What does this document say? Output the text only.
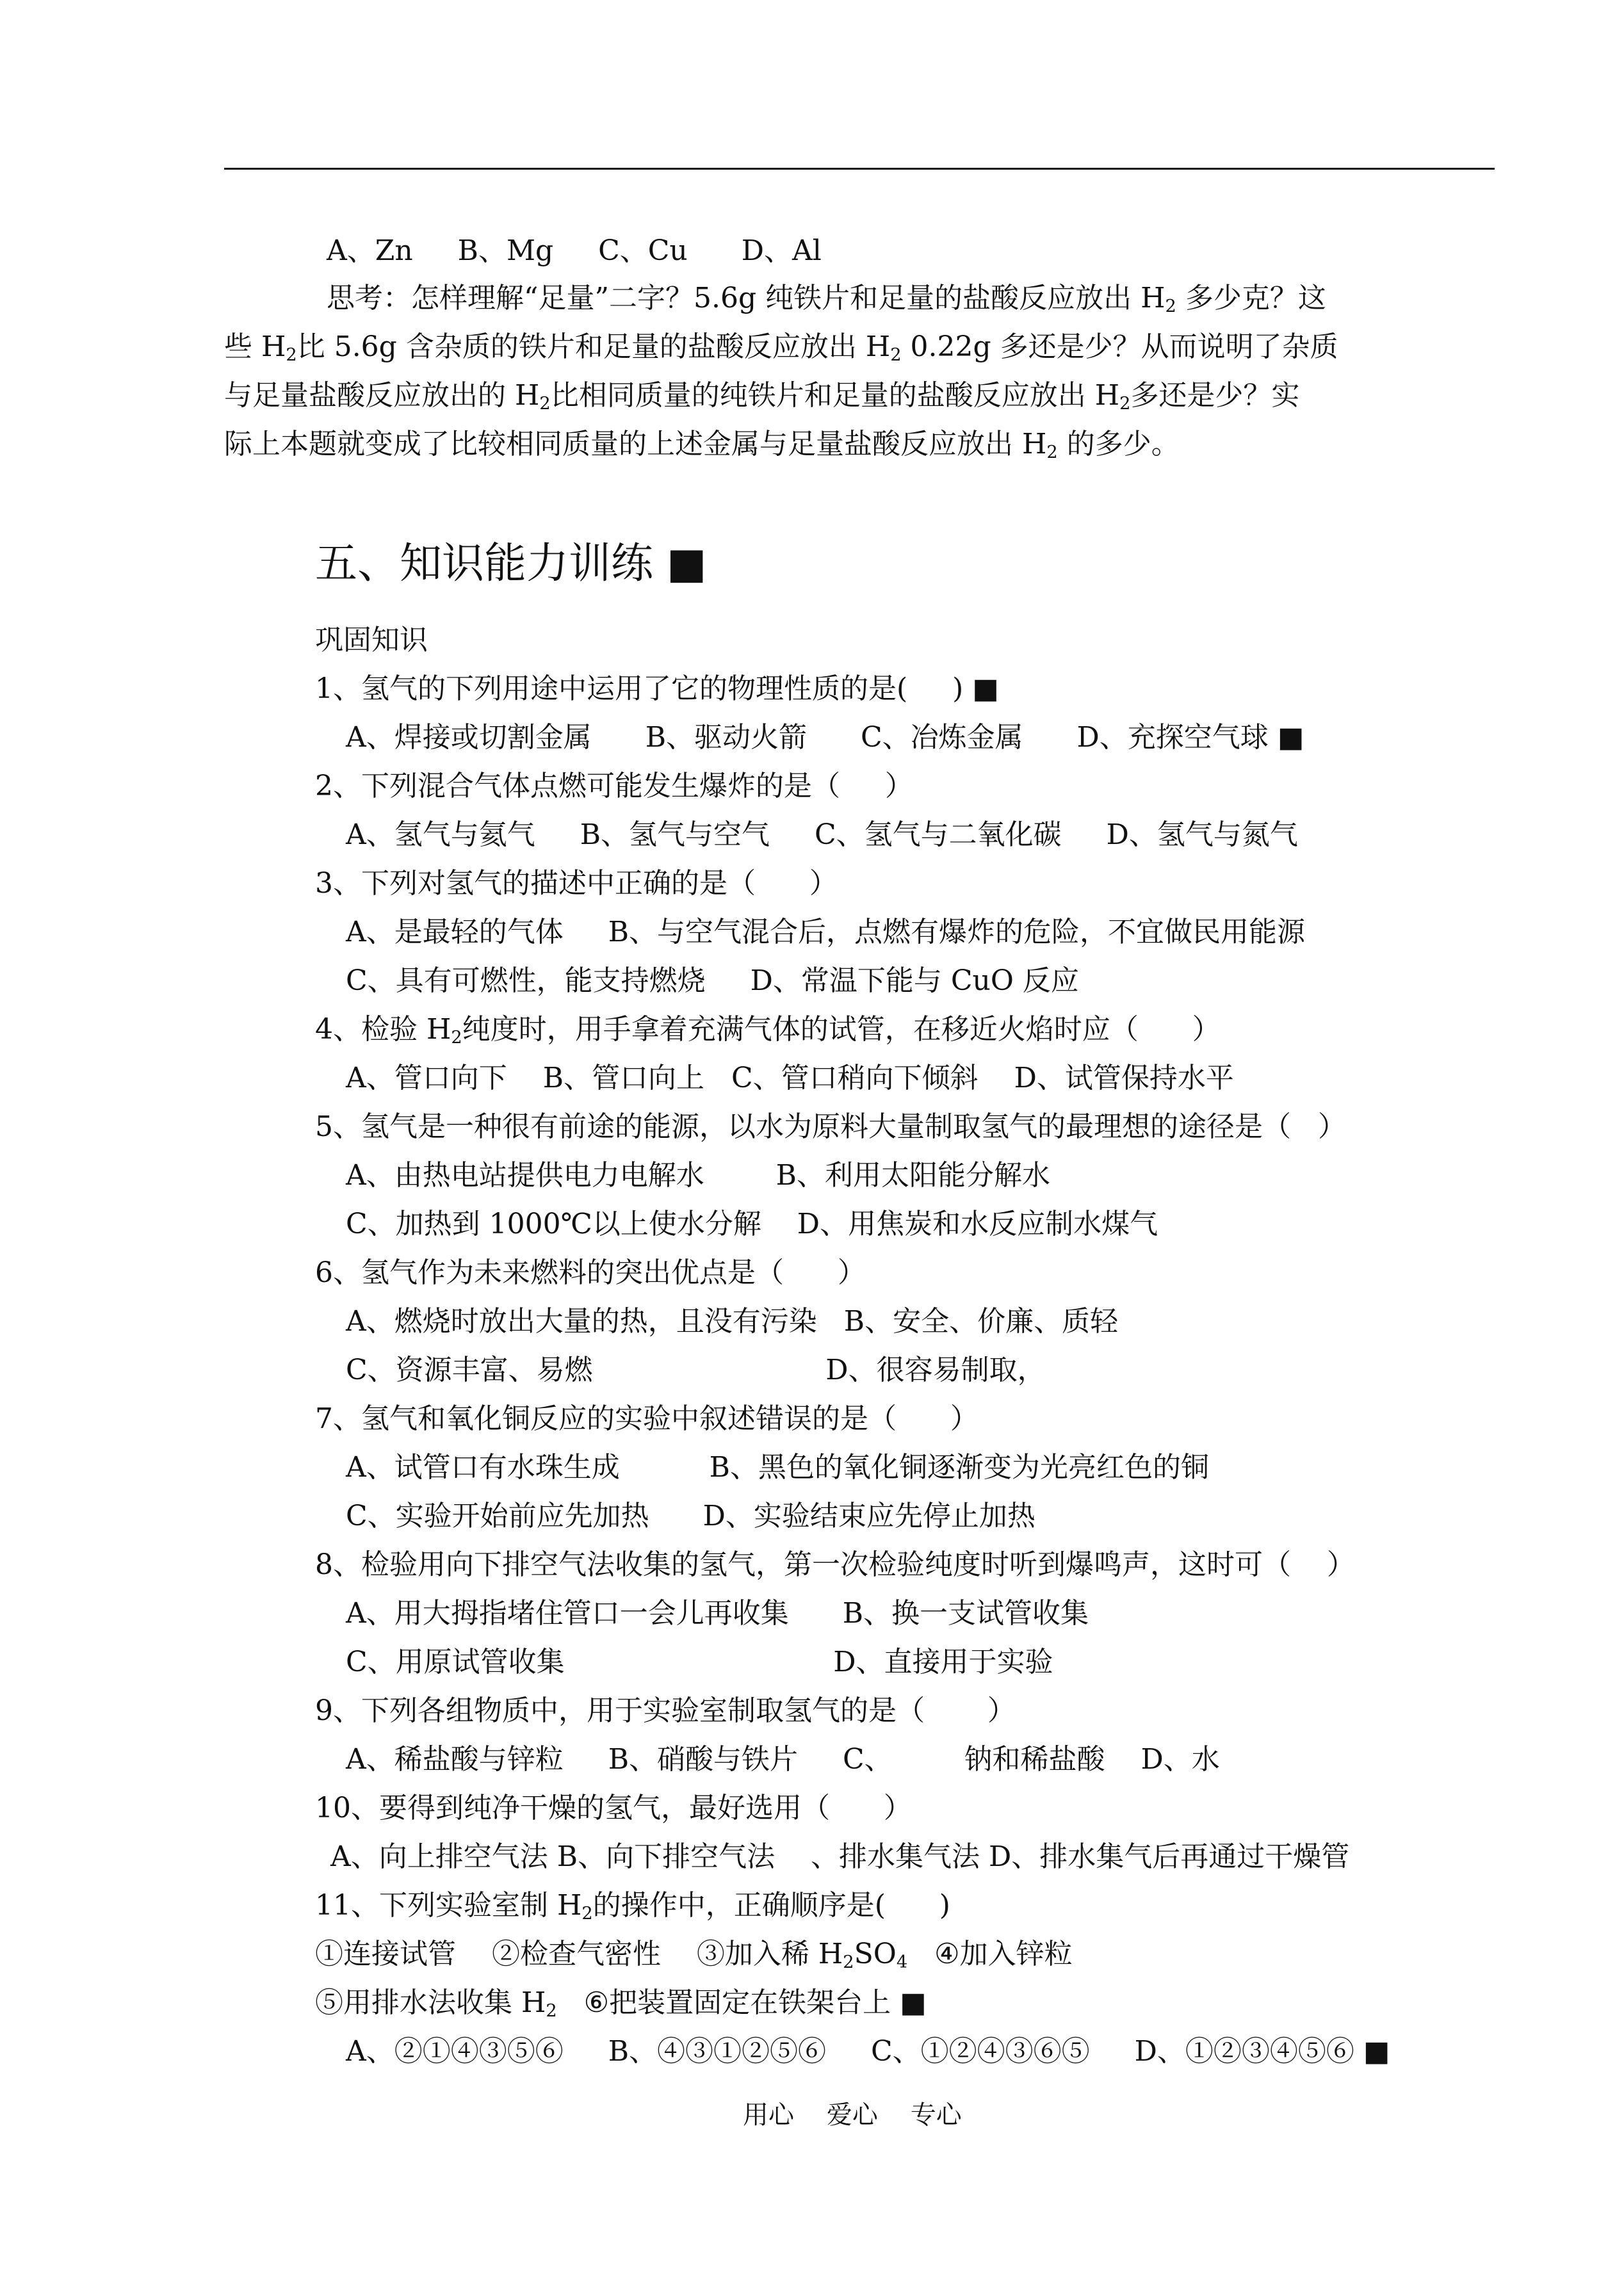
A、Zn     B、Mg     C、Cu      D、Al
思考：怎样理解“足量”二字？5.6g 纯铁片和足量的盐酸反应放出 $H_2$ 多少克？这
些 $H_2$比 5.6g 含杂质的铁片和足量的盐酸反应放出 $H_2$ 0.22g 多还是少？从而说明了杂质
与足量盐酸反应放出的 $H_2$比相同质量的纯铁片和足量的盐酸反应放出 $H_2$多还是少？实
际上本题就变成了比较相同质量的上述金属与足量盐酸反应放出 $H_2$ 的多少。
五、知识能力训练 ■
巩固知识
1、氢气的下列用途中运用了它的物理性质的是(     ) ■
A、焊接或切割金属      B、驱动火箭      C、冶炼金属      D、充探空气球 ■
2、下列混合气体点燃可能发生爆炸的是（     ）
A、氢气与氦气     B、氢气与空气     C、氢气与二氧化碳     D、氢气与氮气
3、下列对氢气的描述中正确的是（      ）
A、是最轻的气体     B、与空气混合后，点燃有爆炸的危险，不宜做民用能源
C、具有可燃性，能支持燃烧     D、常温下能与 CuO 反应
4、检验 $H_2$纯度时，用手拿着充满气体的试管，在移近火焰时应（      ）
A、管口向下    B、管口向上   C、管口稍向下倾斜    D、试管保持水平
5、氢气是一种很有前途的能源，以水为原料大量制取氢气的最理想的途径是（   ）
A、由热电站提供电力电解水        B、利用太阳能分解水
C、加热到 1000℃以上使水分解    D、用焦炭和水反应制水煤气
6、氢气作为未来燃料的突出优点是（      ）
A、燃烧时放出大量的热，且没有污染   B、安全、价廉、质轻
C、资源丰富、易燃                          D、很容易制取，
7、氢气和氧化铜反应的实验中叙述错误的是（      ）
A、试管口有水珠生成          B、黑色的氧化铜逐渐变为光亮红色的铜
C、实验开始前应先加热      D、实验结束应先停止加热
8、检验用向下排空气法收集的氢气，第一次检验纯度时听到爆鸣声，这时可（    ）
A、用大拇指堵住管口一会儿再收集      B、换一支试管收集
C、用原试管收集                              D、直接用于实验
9、下列各组物质中，用于实验室制取氢气的是（       ）
A、稀盐酸与锌粒     B、硝酸与铁片     C、        钠和稀盐酸    D、水
10、要得到纯净干燥的氢气，最好选用（      ）
A、向上排空气法 B、向下排空气法    、排水集气法 D、排水集气后再通过干燥管
11、下列实验室制 $H_2$的操作中，正确顺序是(      )
①连接试管    ②检查气密性    ③加入稀 $H_2SO_4$   ④加入锌粒
⑤用排水法收集 $H_2$   ⑥把装置固定在铁架台上 ■
A、②①④③⑤⑥     B、④③①②⑤⑥     C、①②④③⑥⑤     D、①②③④⑤⑥ ■
用心    爱心    专心
